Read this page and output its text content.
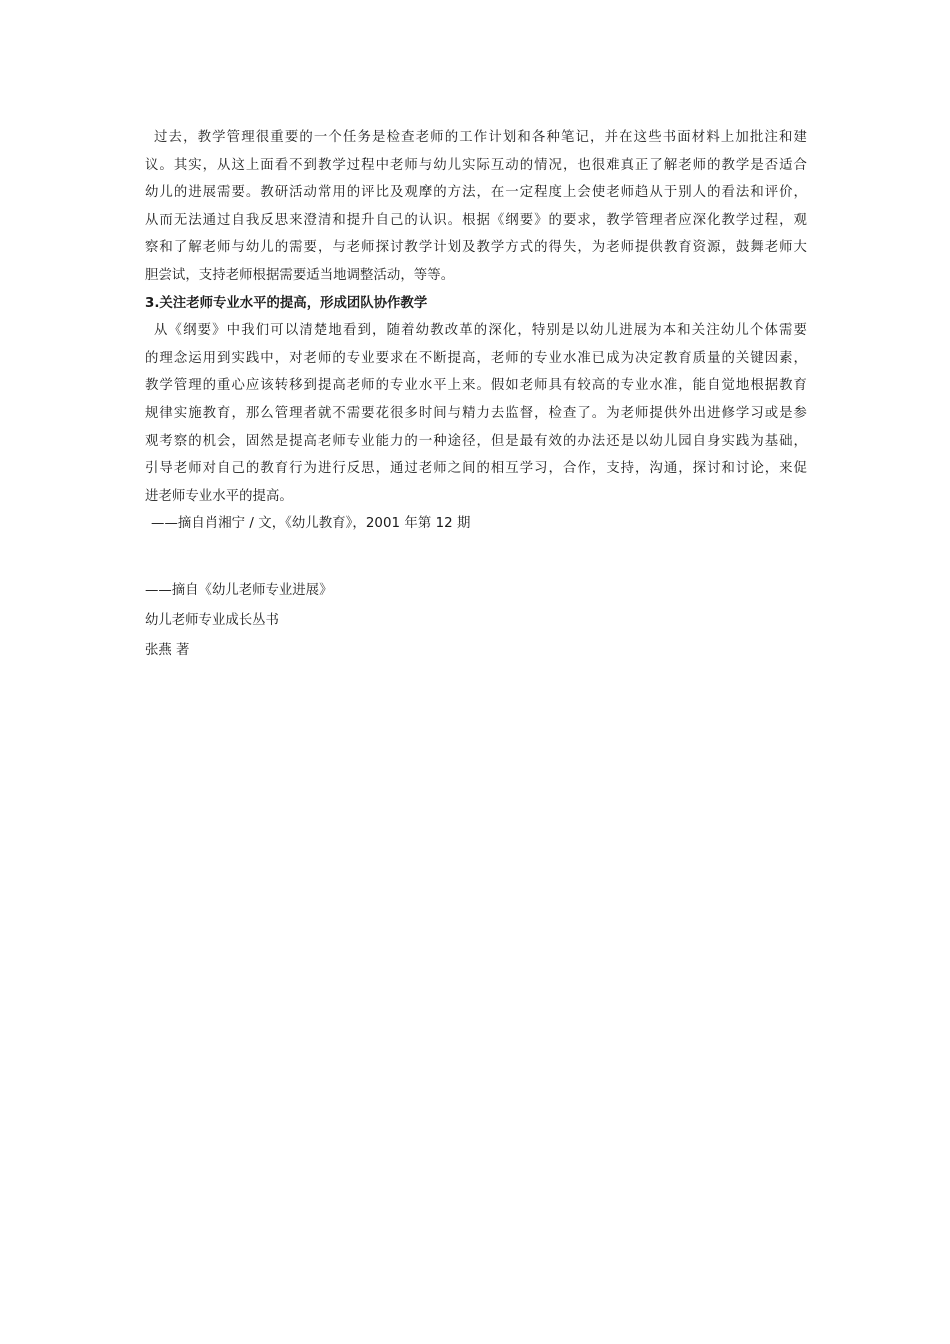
过去，教学管理很重要的一个任务是检查老师的工作计划和各种笔记，并在这些书面材料上加批注和建
议。其实，从这上面看不到教学过程中老师与幼儿实际互动的情况，也很难真正了解老师的教学是否适合
幼儿的进展需要。教研活动常用的评比及观摩的方法，在一定程度上会使老师趋从于别人的看法和评价，
从而无法通过自我反思来澄清和提升自己的认识。根据《纲要》的要求，教学管理者应深化教学过程，观
察和了解老师与幼儿的需要，与老师探讨教学计划及教学方式的得失，为老师提供教育资源，鼓舞老师大
胆尝试，支持老师根据需要适当地调整活动，等等。
3.关注老师专业水平的提高，形成团队协作教学
从《纲要》中我们可以清楚地看到，随着幼教改革的深化，特别是以幼儿进展为本和关注幼儿个体需要
的理念运用到实践中，对老师的专业要求在不断提高，老师的专业水准已成为决定教育质量的关键因素，
教学管理的重心应该转移到提高老师的专业水平上来。假如老师具有较高的专业水准，能自觉地根据教育
规律实施教育，那么管理者就不需要花很多时间与精力去监督，检查了。为老师提供外出进修学习或是参
观考察的机会，固然是提高老师专业能力的一种途径，但是最有效的办法还是以幼儿园自身实践为基础，
引导老师对自己的教育行为进行反思，通过老师之间的相互学习，合作，支持，沟通，探讨和讨论，来促
进老师专业水平的提高。
——摘自肖湘宁 / 文，《幼儿教育》，2001 年第 12 期
——摘自《幼儿老师专业进展》
幼儿老师专业成长丛书
张燕 著
